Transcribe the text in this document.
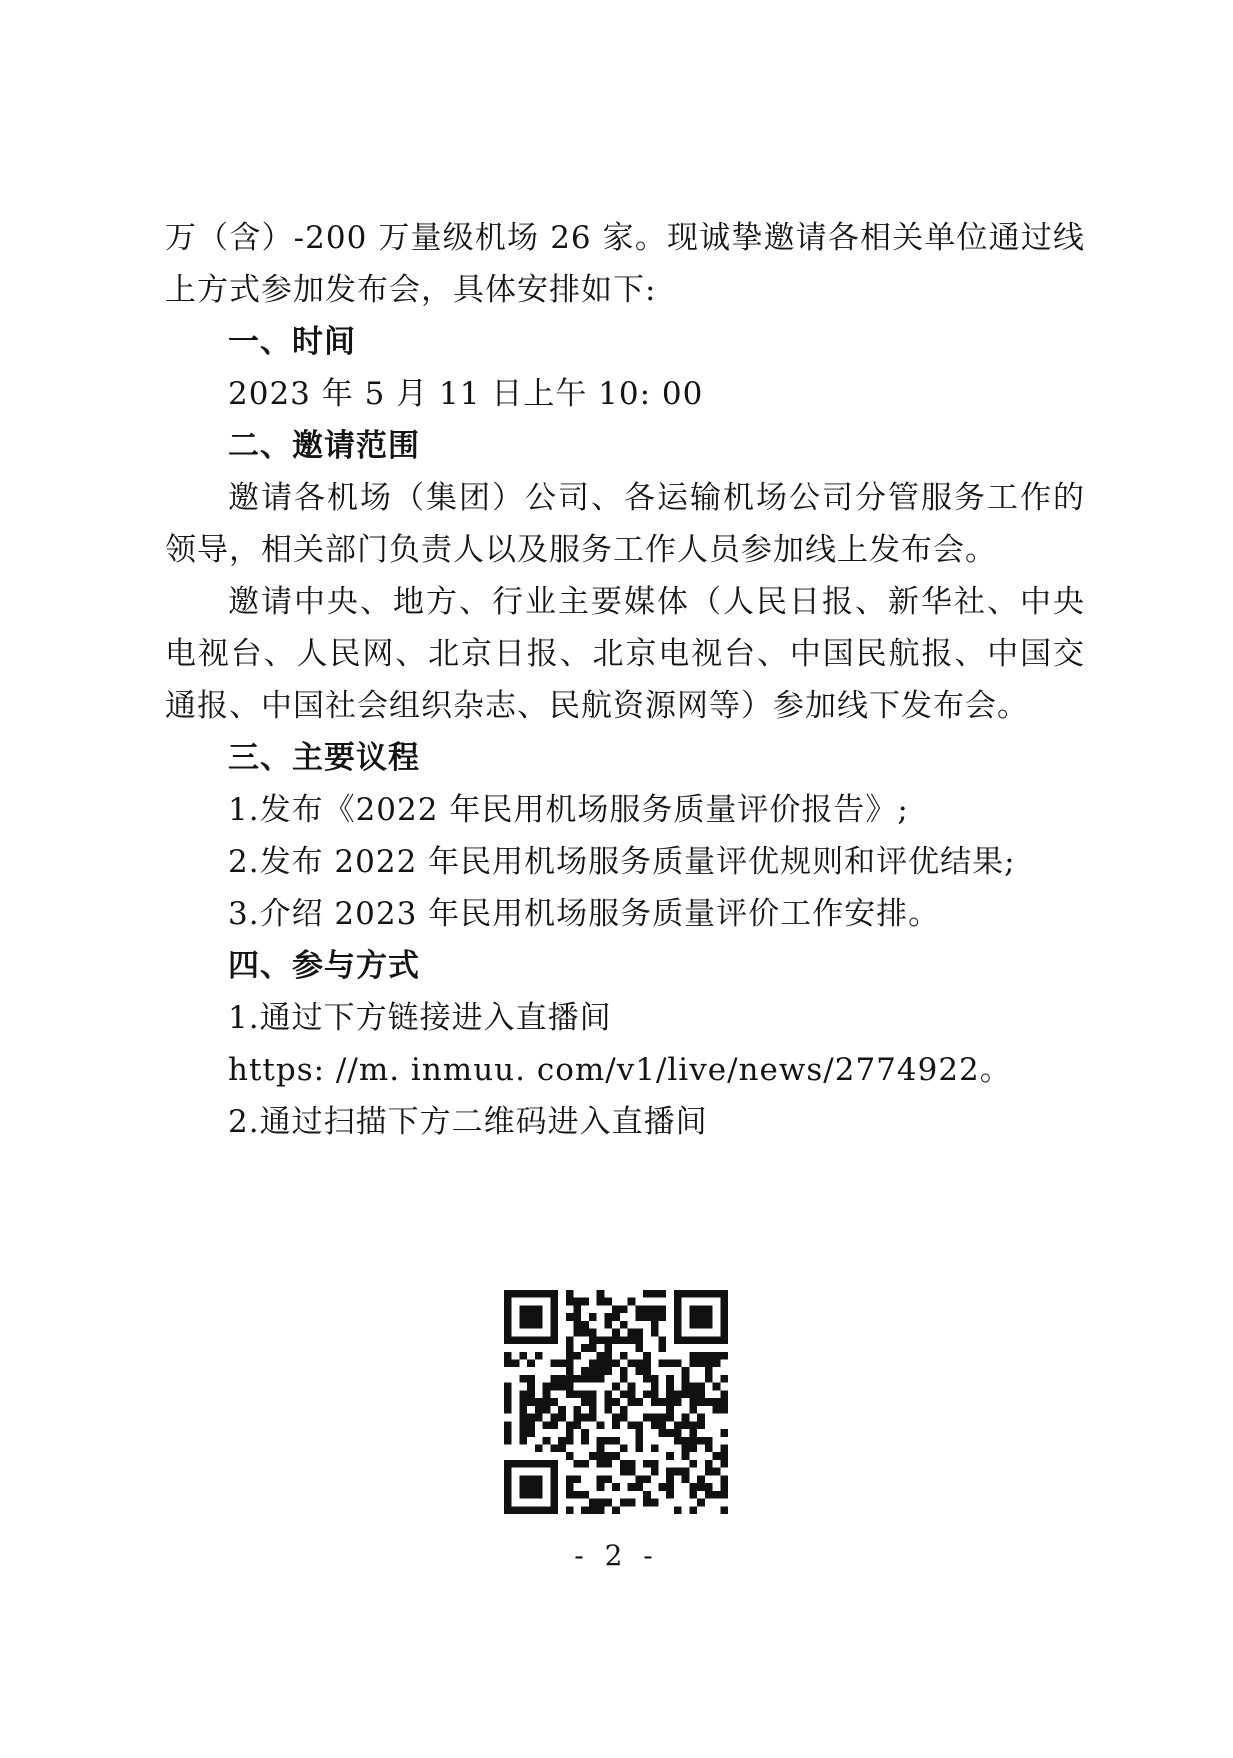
万（含）-200 万量级机场 26 家。现诚挚邀请各相关单位通过线
上方式参加发布会，具体安排如下:
一、时间
2023 年 5 月 11 日上午 10: 00
二、邀请范围
邀请各机场（集团）公司、各运输机场公司分管服务工作的
领导，相关部门负责人以及服务工作人员参加线上发布会。
邀请中央、地方、行业主要媒体（人民日报、新华社、中央
电视台、人民网、北京日报、北京电视台、中国民航报、中国交
通报、中国社会组织杂志、民航资源网等）参加线下发布会。
三、主要议程
1.发布《2022 年民用机场服务质量评价报告》;
2.发布 2022 年民用机场服务质量评优规则和评优结果;
3.介绍 2023 年民用机场服务质量评价工作安排。
四、参与方式
1.通过下方链接进入直播间
https: //m. inmuu. com/v1/live/news/2774922。
2.通过扫描下方二维码进入直播间
- 2 -
